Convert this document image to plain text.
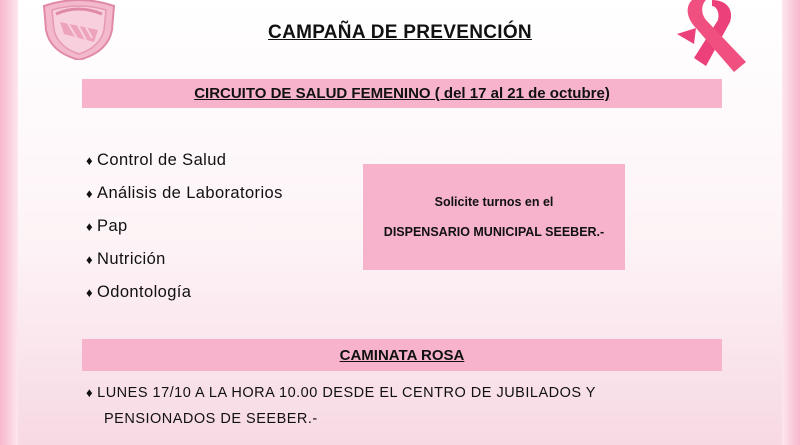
CAMPAÑA DE PREVENCIÓN
CIRCUITO DE SALUD FEMENINO ( del 17 al 21 de octubre)
♦ Control de Salud
♦ Análisis de Laboratorios
♦ Pap
♦ Nutrición
♦ Odontología
Solicite turnos en el
DISPENSARIO MUNICIPAL SEEBER.-
CAMINATA ROSA
♦ LUNES 17/10 A LA HORA 10.00 DESDE EL CENTRO DE JUBILADOS Y
PENSIONADOS DE SEEBER.-
